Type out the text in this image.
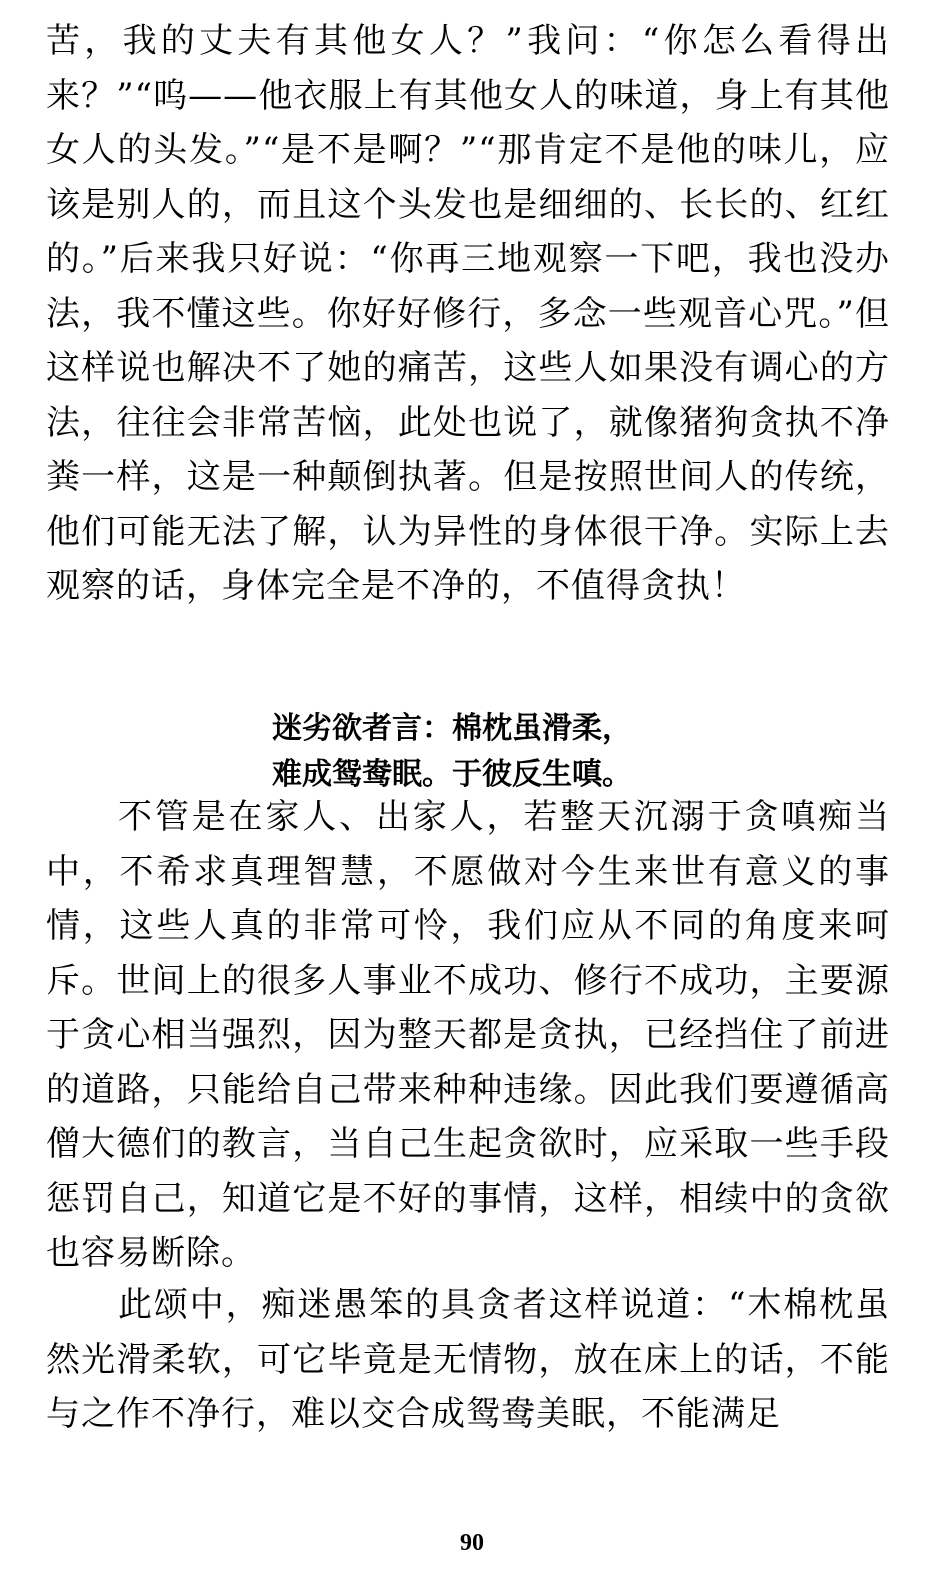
苦，我的丈夫有其他女人？”我问：“你怎么看得出来？”“呜——他衣服上有其他女人的味道，身上有其他女人的头发。”“是不是啊？”“那肯定不是他的味儿，应该是别人的，而且这个头发也是细细的、长长的、红红的。”后来我只好说：“你再三地观察一下吧，我也没办法，我不懂这些。你好好修行，多念一些观音心咒。”但这样说也解决不了她的痛苦，这些人如果没有调心的方法，往往会非常苦恼，此处也说了，就像猪狗贪执不净粪一样，这是一种颠倒执著。但是按照世间人的传统，他们可能无法了解，认为异性的身体很干净。实际上去观察的话，身体完全是不净的，不值得贪执！

迷劣欲者言：棉枕虽滑柔，
难成鸳鸯眠。于彼反生嗔。

不管是在家人、出家人，若整天沉溺于贪嗔痴当中，不希求真理智慧，不愿做对今生来世有意义的事情，这些人真的非常可怜，我们应从不同的角度来呵斥。世间上的很多人事业不成功、修行不成功，主要源于贪心相当强烈，因为整天都是贪执，已经挡住了前进的道路，只能给自己带来种种违缘。因此我们要遵循高僧大德们的教言，当自己生起贪欲时，应采取一些手段惩罚自己，知道它是不好的事情，这样，相续中的贪欲也容易断除。

此颂中，痴迷愚笨的具贪者这样说道：“木棉枕虽然光滑柔软，可它毕竟是无情物，放在床上的话，不能与之作不净行，难以交合成鸳鸯美眠，不能满足

90
